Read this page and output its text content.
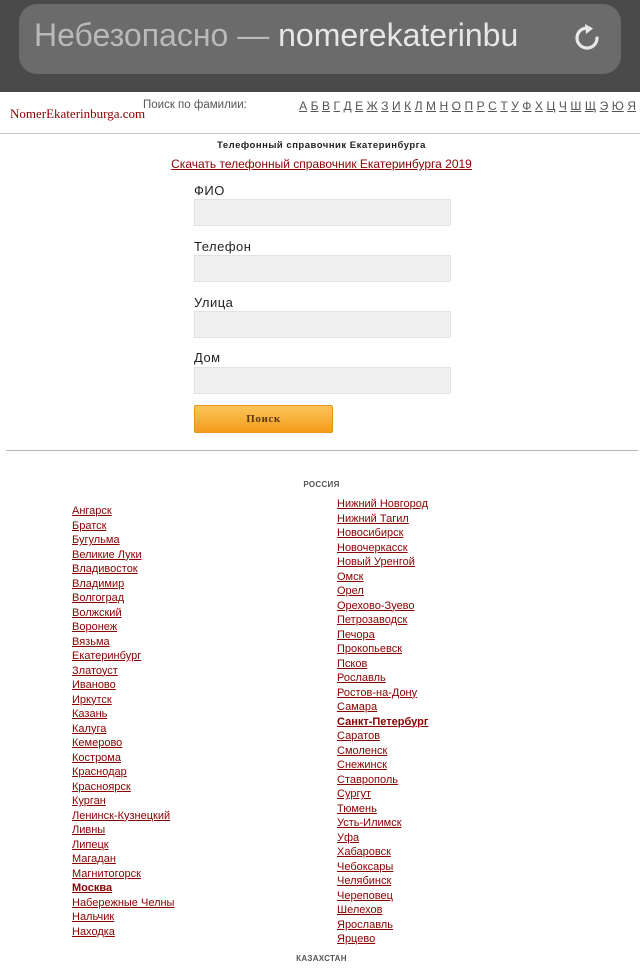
Небезопасно — nomerekaterinbu
NomerEkaterinburga.com
Поиск по фамилии:	А Б В Г Д Е Ж З И К Л М Н О П Р С Т У Ф Х Ц Ч Ш Щ Э Ю Я
Телефонный справочник Екатеринбурга
Скачать телефонный справочник Екатеринбурга 2019
ФИО
Телефон
Улица
Дом
Поиск
РОССИЯ
Ангарск
Братск
Бугульма
Великие Луки
Владивосток
Владимир
Волгоград
Волжский
Воронеж
Вязьма
Екатеринбург
Златоуст
Иваново
Иркутск
Казань
Калуга
Кемерово
Кострома
Краснодар
Красноярск
Курган
Ленинск-Кузнецкий
Ливны
Липецк
Магадан
Магнитогорск
Москва
Набережные Челны
Нальчик
Находка
Нижний Новгород
Нижний Тагил
Новосибирск
Новочеркасск
Новый Уренгой
Омск
Орел
Орехово-Зуево
Петрозаводск
Печора
Прокопьевск
Псков
Рославль
Ростов-на-Дону
Самара
Санкт-Петербург
Саратов
Смоленск
Снежинск
Ставрополь
Сургут
Тюмень
Усть-Илимск
Уфа
Хабаровск
Чебоксары
Челябинск
Череповец
Шелехов
Ярославль
Ярцево
КАЗАХСТАН
